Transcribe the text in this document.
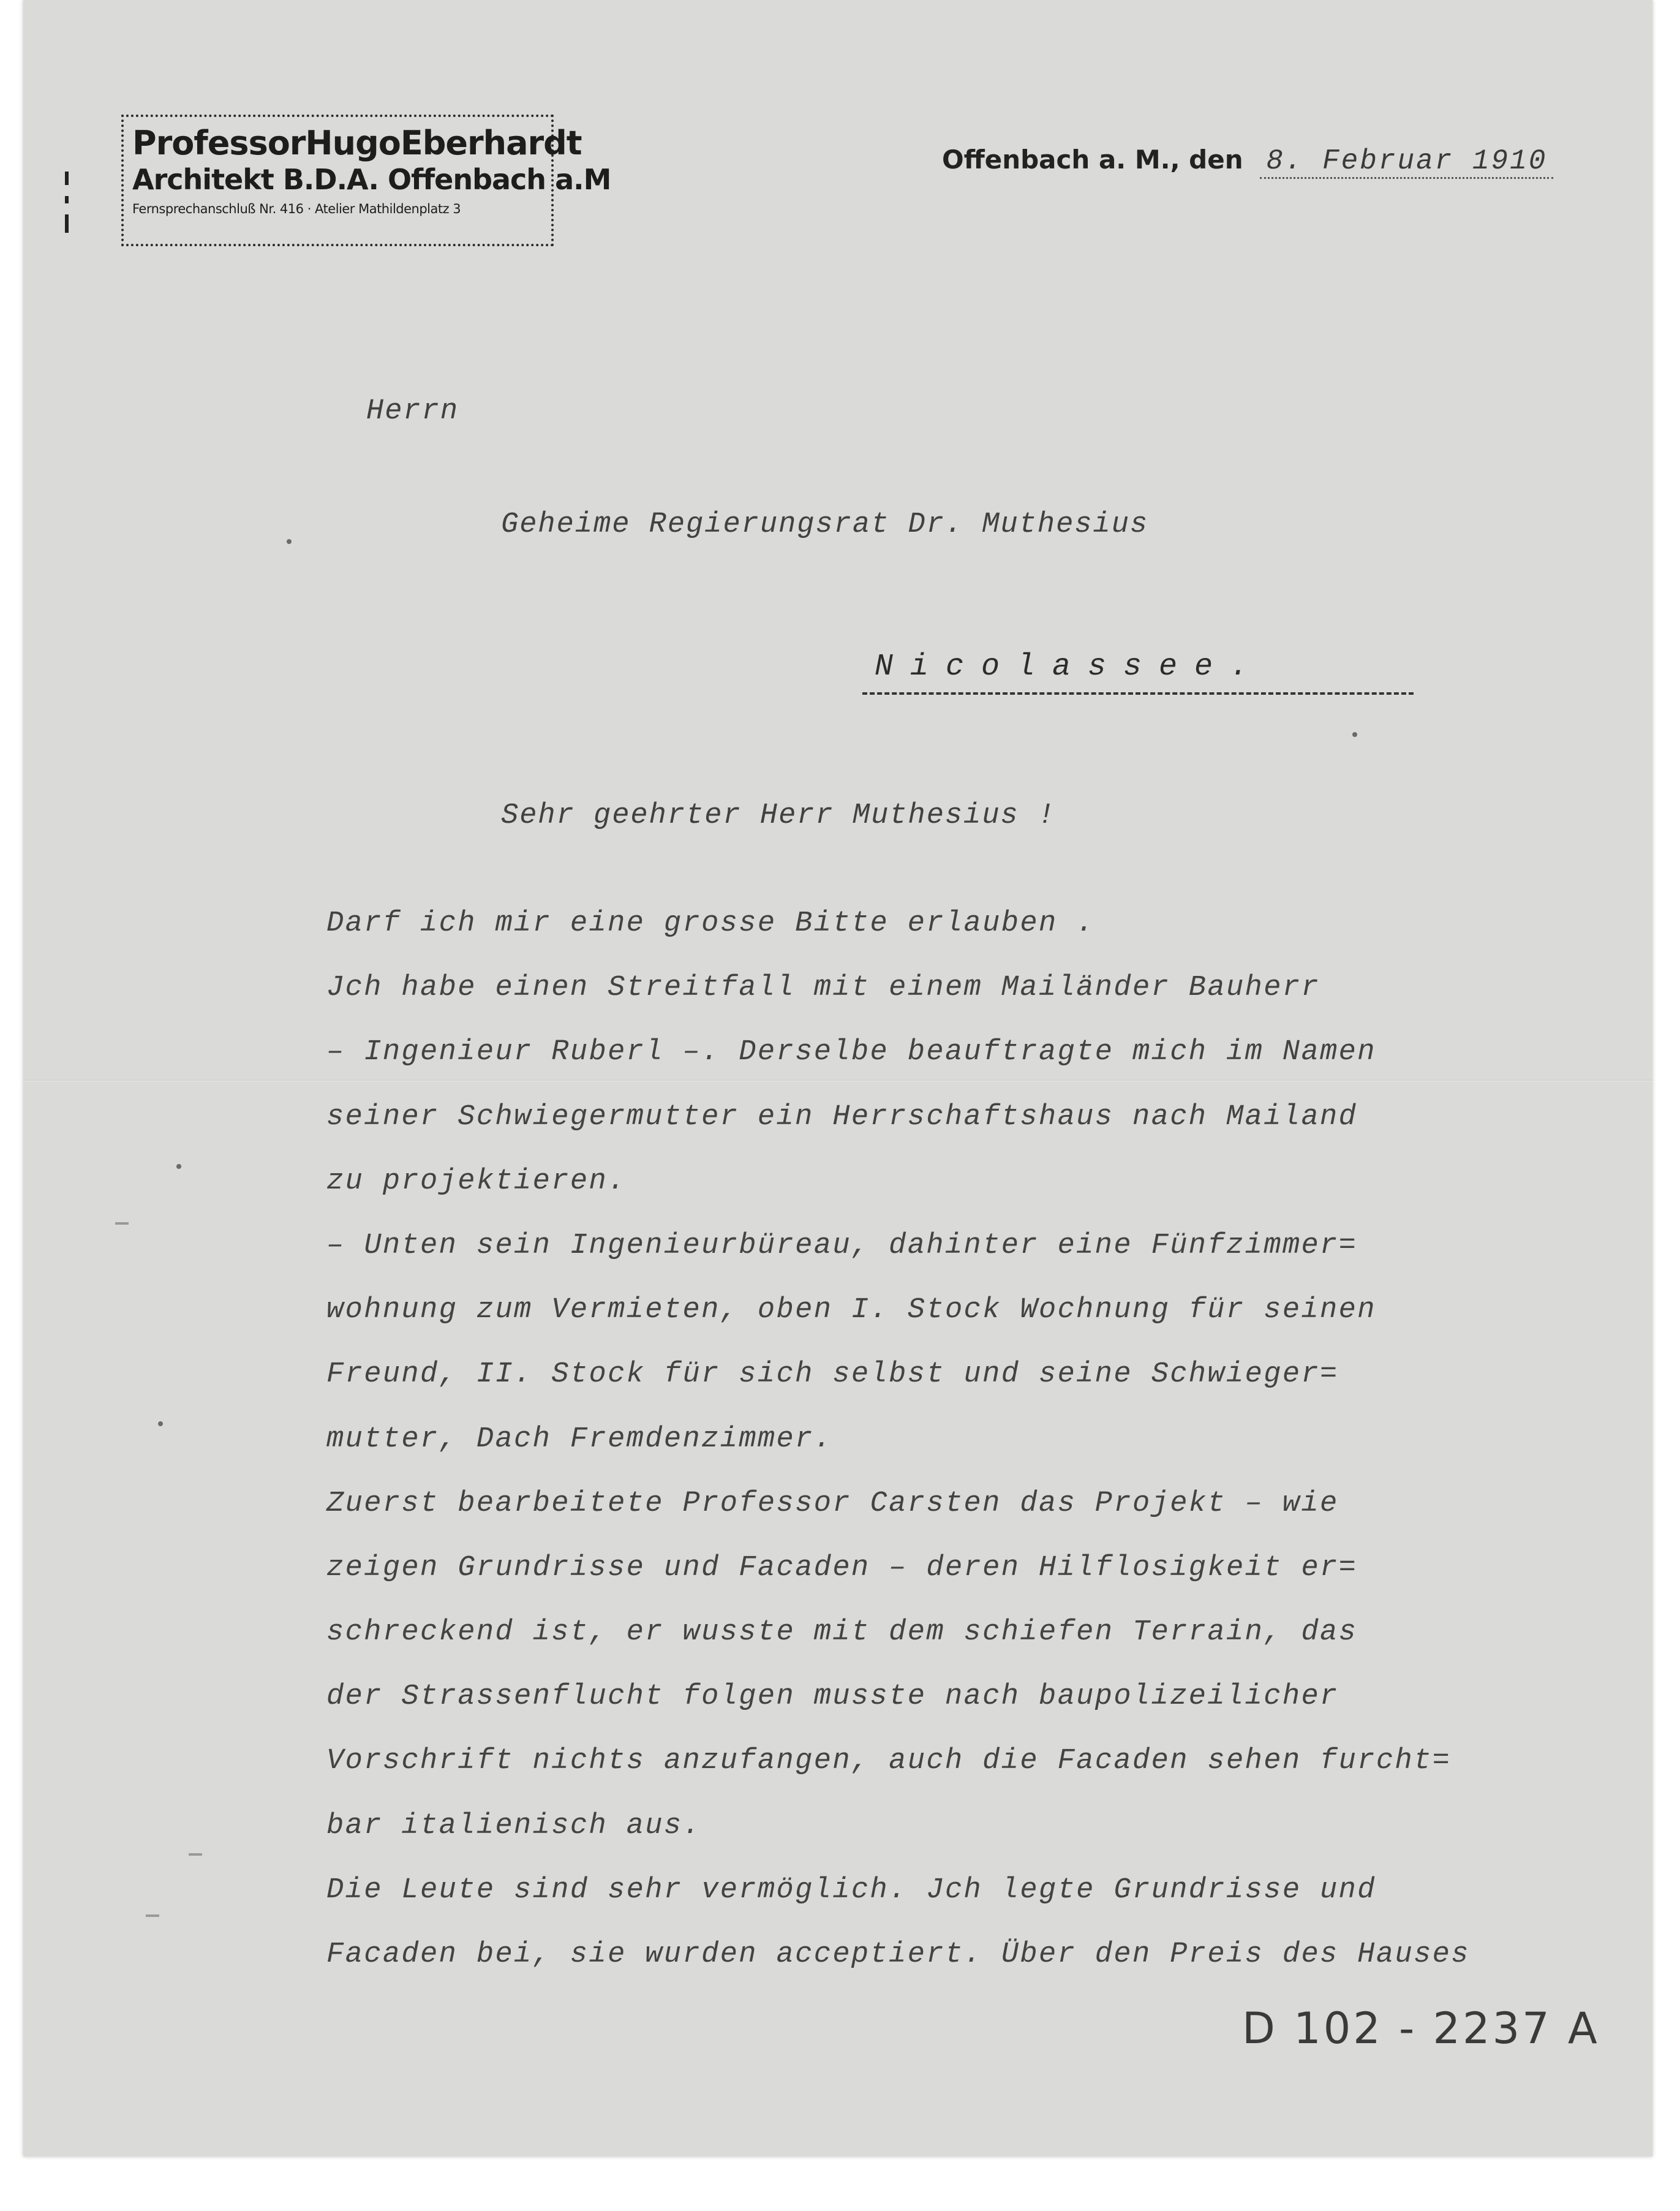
ProfessorHugoEberhardt
Architekt B.D.A. Offenbach a.M
Fernsprechanschluß Nr. 416 · Atelier Mathildenplatz 3
Offenbach a. M., den 8. Februar 1910
Herrn
Geheime Regierungsrat Dr. Muthesius
Nicolassee.
Sehr geehrter Herr Muthesius !
Darf ich mir eine grosse Bitte erlauben .
Jch habe einen Streitfall mit einem Mailänder Bauherr
– Ingenieur Ruberl –. Derselbe beauftragte mich im Namen
seiner Schwiegermutter ein Herrschaftshaus nach Mailand
zu projektieren.
– Unten sein Ingenieurbüreau, dahinter eine Fünfzimmer=
wohnung zum Vermieten, oben I. Stock Wochnung für seinen
Freund, II. Stock für sich selbst und seine Schwieger=
mutter, Dach Fremdenzimmer.
Zuerst bearbeitete Professor Carsten das Projekt – wie
zeigen Grundrisse und Facaden – deren Hilflosigkeit er=
schreckend ist, er wusste mit dem schiefen Terrain, das
der Strassenflucht folgen musste nach baupolizeilicher
Vorschrift nichts anzufangen, auch die Facaden sehen furcht=
bar italienisch aus.
Die Leute sind sehr vermöglich. Jch legte Grundrisse und
Facaden bei, sie wurden acceptiert. Über den Preis des Hauses
D 102 - 2237 A
